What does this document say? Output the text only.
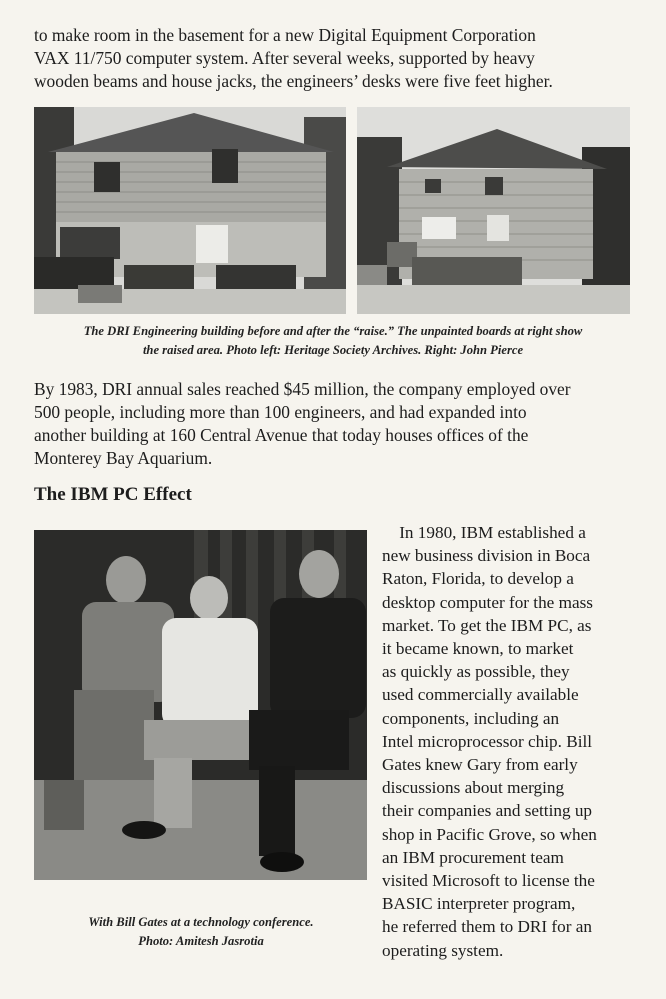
to make room in the basement for a new Digital Equipment Corporation
VAX 11/750 computer system. After several weeks, supported by heavy
wooden beams and house jacks, the engineers’ desks were five feet higher.

The DRI Engineering building before and after the “raise.” The unpainted boards at right show
the raised area. Photo left: Heritage Society Archives. Right: John Pierce

By 1983, DRI annual sales reached $45 million, the company employed over
500 people, including more than 100 engineers, and had expanded into
another building at 160 Central Avenue that today houses offices of the
Monterey Bay Aquarium.

The IBM PC Effect

With Bill Gates at a technology conference.
Photo: Amitesh Jasrotia

In 1980, IBM established a
new business division in Boca
Raton, Florida, to develop a
desktop computer for the mass
market. To get the IBM PC, as
it became known, to market
as quickly as possible, they
used commercially available
components, including an
Intel microprocessor chip. Bill
Gates knew Gary from early
discussions about merging
their companies and setting up
shop in Pacific Grove, so when
an IBM procurement team
visited Microsoft to license the
BASIC interpreter program,
he referred them to DRI for an
operating system.
